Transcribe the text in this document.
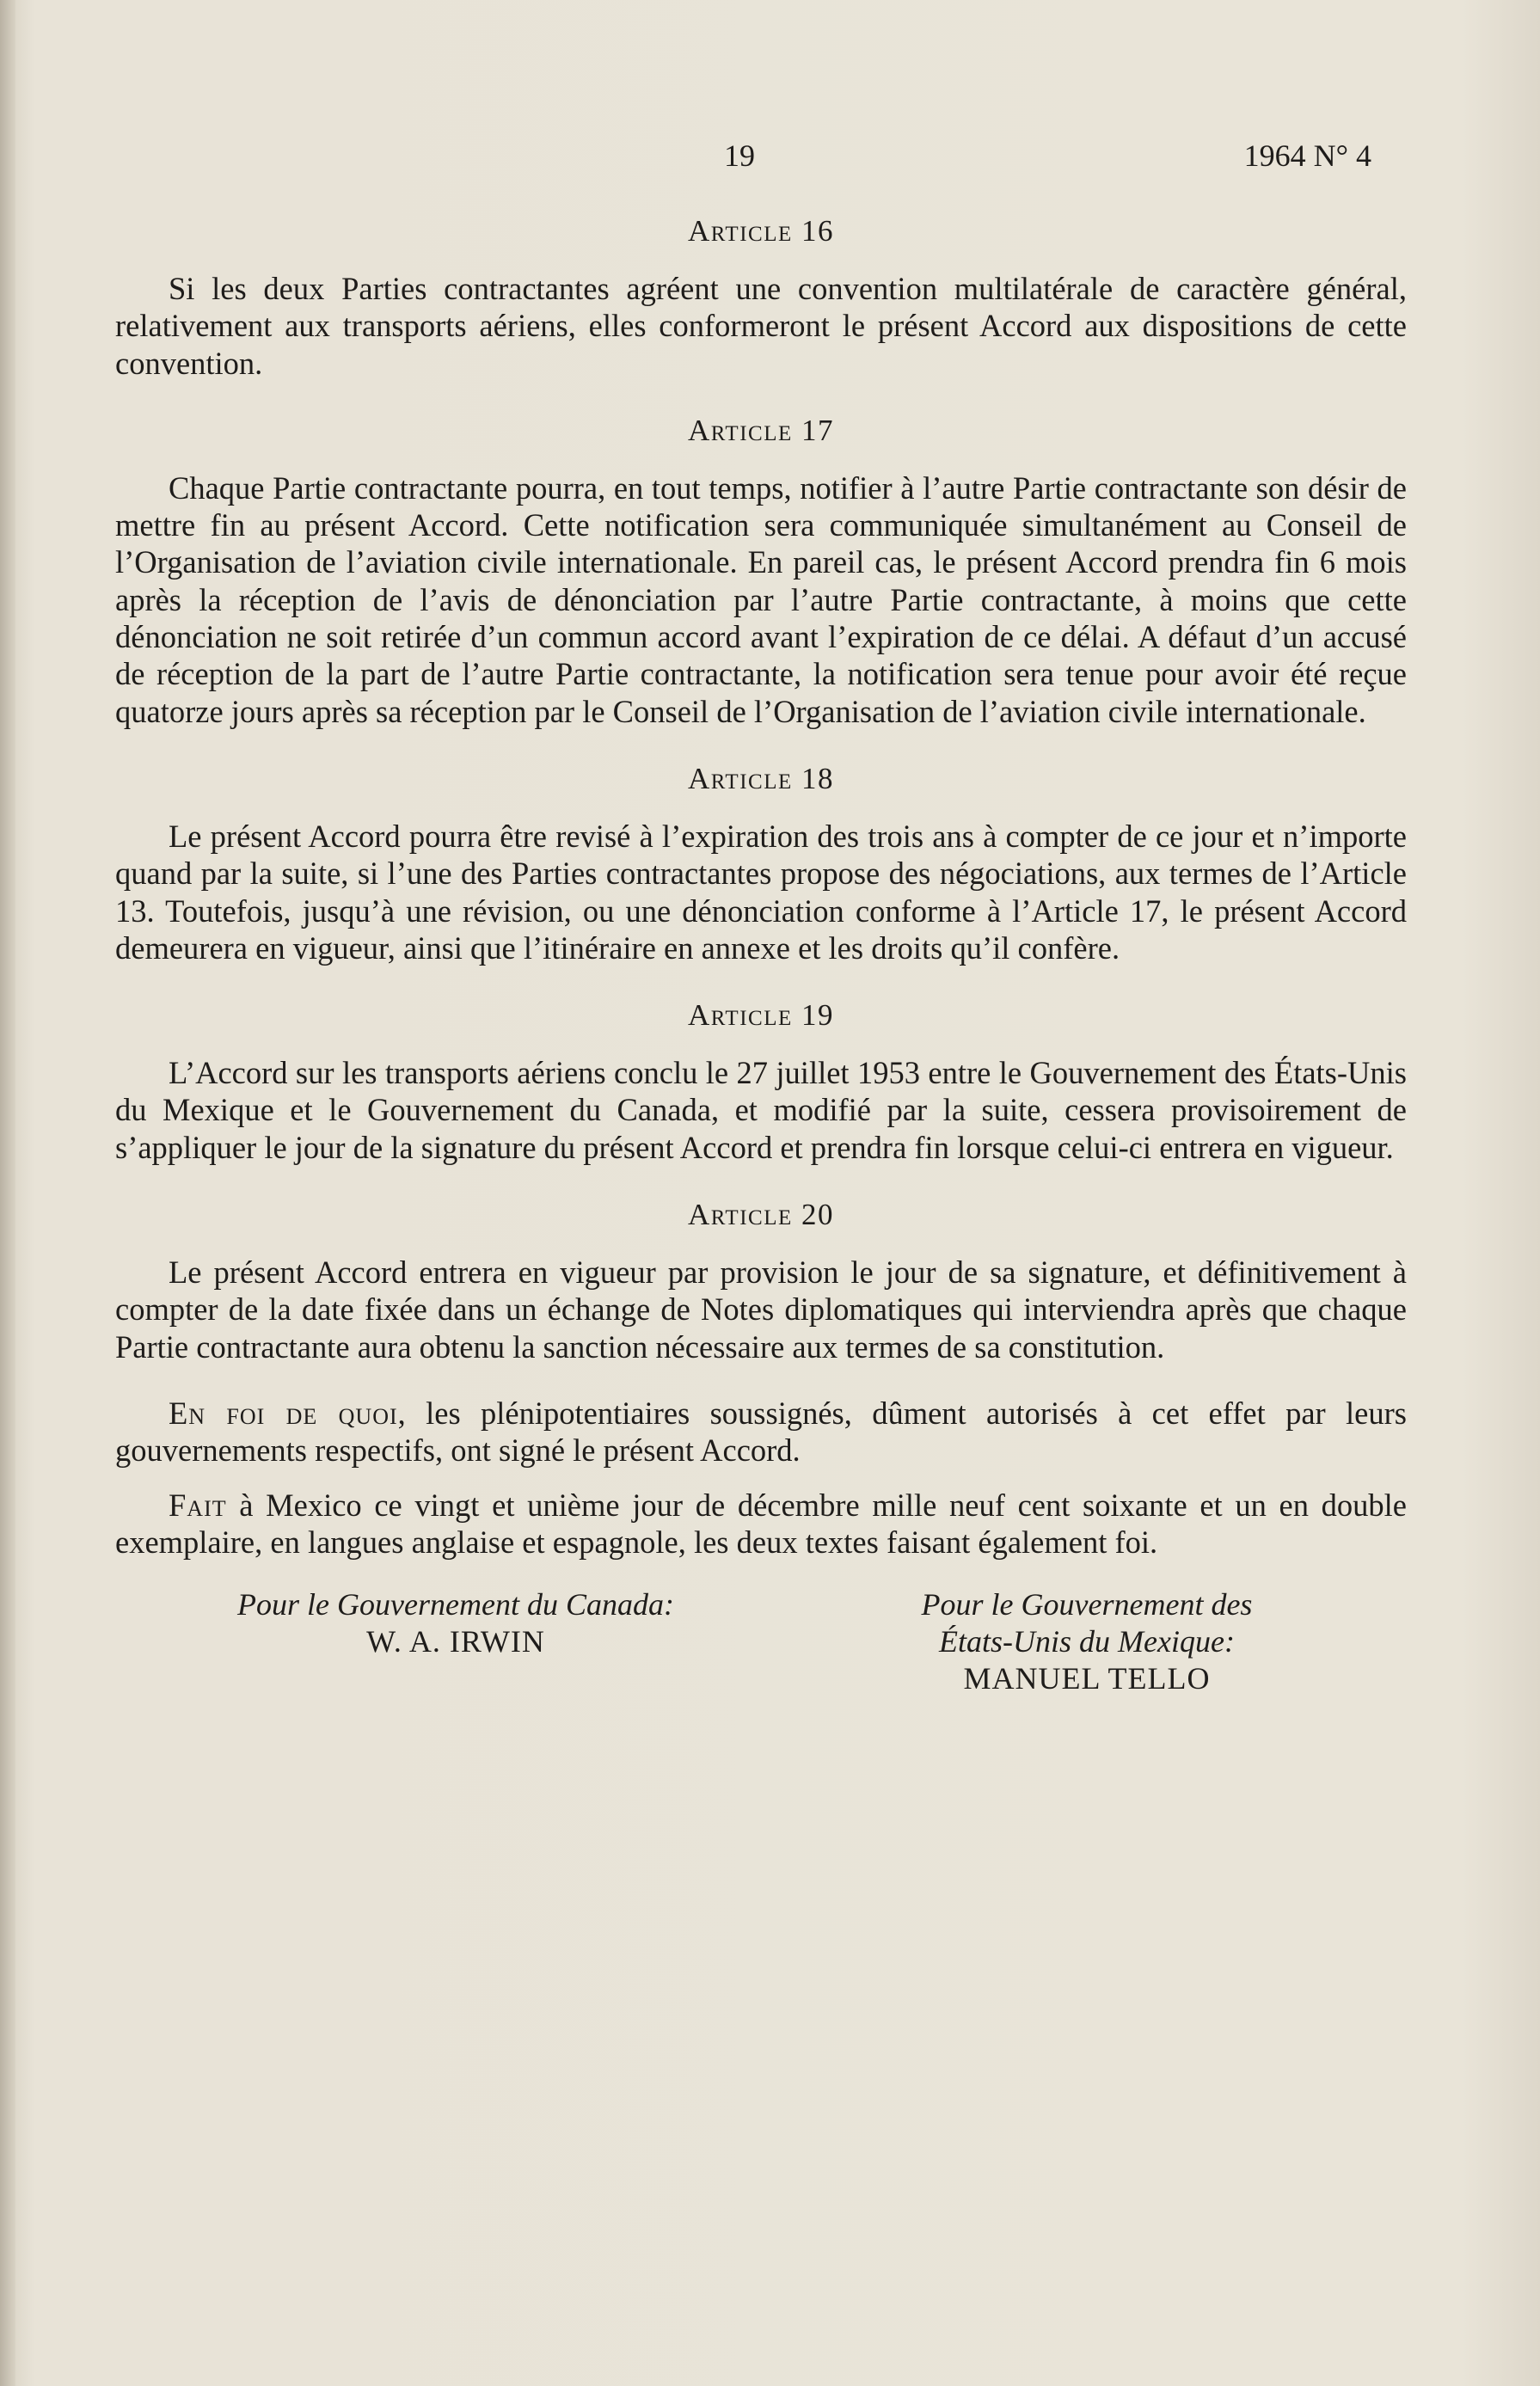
19	1964 N° 4
Article 16

Si les deux Parties contractantes agréent une convention multilatérale de caractère général, relativement aux transports aériens, elles conformeront le présent Accord aux dispositions de cette convention.

Article 17

Chaque Partie contractante pourra, en tout temps, notifier à l’autre Partie contractante son désir de mettre fin au présent Accord. Cette notification sera communiquée simultanément au Conseil de l’Organisation de l’aviation civile internationale. En pareil cas, le présent Accord prendra fin 6 mois après la réception de l’avis de dénonciation par l’autre Partie contractante, à moins que cette dénonciation ne soit retirée d’un commun accord avant l’expiration de ce délai. A défaut d’un accusé de réception de la part de l’autre Partie contractante, la notification sera tenue pour avoir été reçue quatorze jours après sa réception par le Conseil de l’Organisation de l’aviation civile internationale.

Article 18

Le présent Accord pourra être revisé à l’expiration des trois ans à compter de ce jour et n’importe quand par la suite, si l’une des Parties contractantes propose des négociations, aux termes de l’Article 13. Toutefois, jusqu’à une révision, ou une dénonciation conforme à l’Article 17, le présent Accord demeurera en vigueur, ainsi que l’itinéraire en annexe et les droits qu’il confère.

Article 19

L’Accord sur les transports aériens conclu le 27 juillet 1953 entre le Gouvernement des États-Unis du Mexique et le Gouvernement du Canada, et modifié par la suite, cessera provisoirement de s’appliquer le jour de la signature du présent Accord et prendra fin lorsque celui-ci entrera en vigueur.

Article 20

Le présent Accord entrera en vigueur par provision le jour de sa signature, et définitivement à compter de la date fixée dans un échange de Notes diplomatiques qui interviendra après que chaque Partie contractante aura obtenu la sanction nécessaire aux termes de sa constitution.

En foi de quoi, les plénipotentiaires soussignés, dûment autorisés à cet effet par leurs gouvernements respectifs, ont signé le présent Accord.

Fait à Mexico ce vingt et unième jour de décembre mille neuf cent soixante et un en double exemplaire, en langues anglaise et espagnole, les deux textes faisant également foi.

Pour le Gouvernement du Canada:
W. A. IRWIN
Pour le Gouvernement des
États-Unis du Mexique:
MANUEL TELLO
